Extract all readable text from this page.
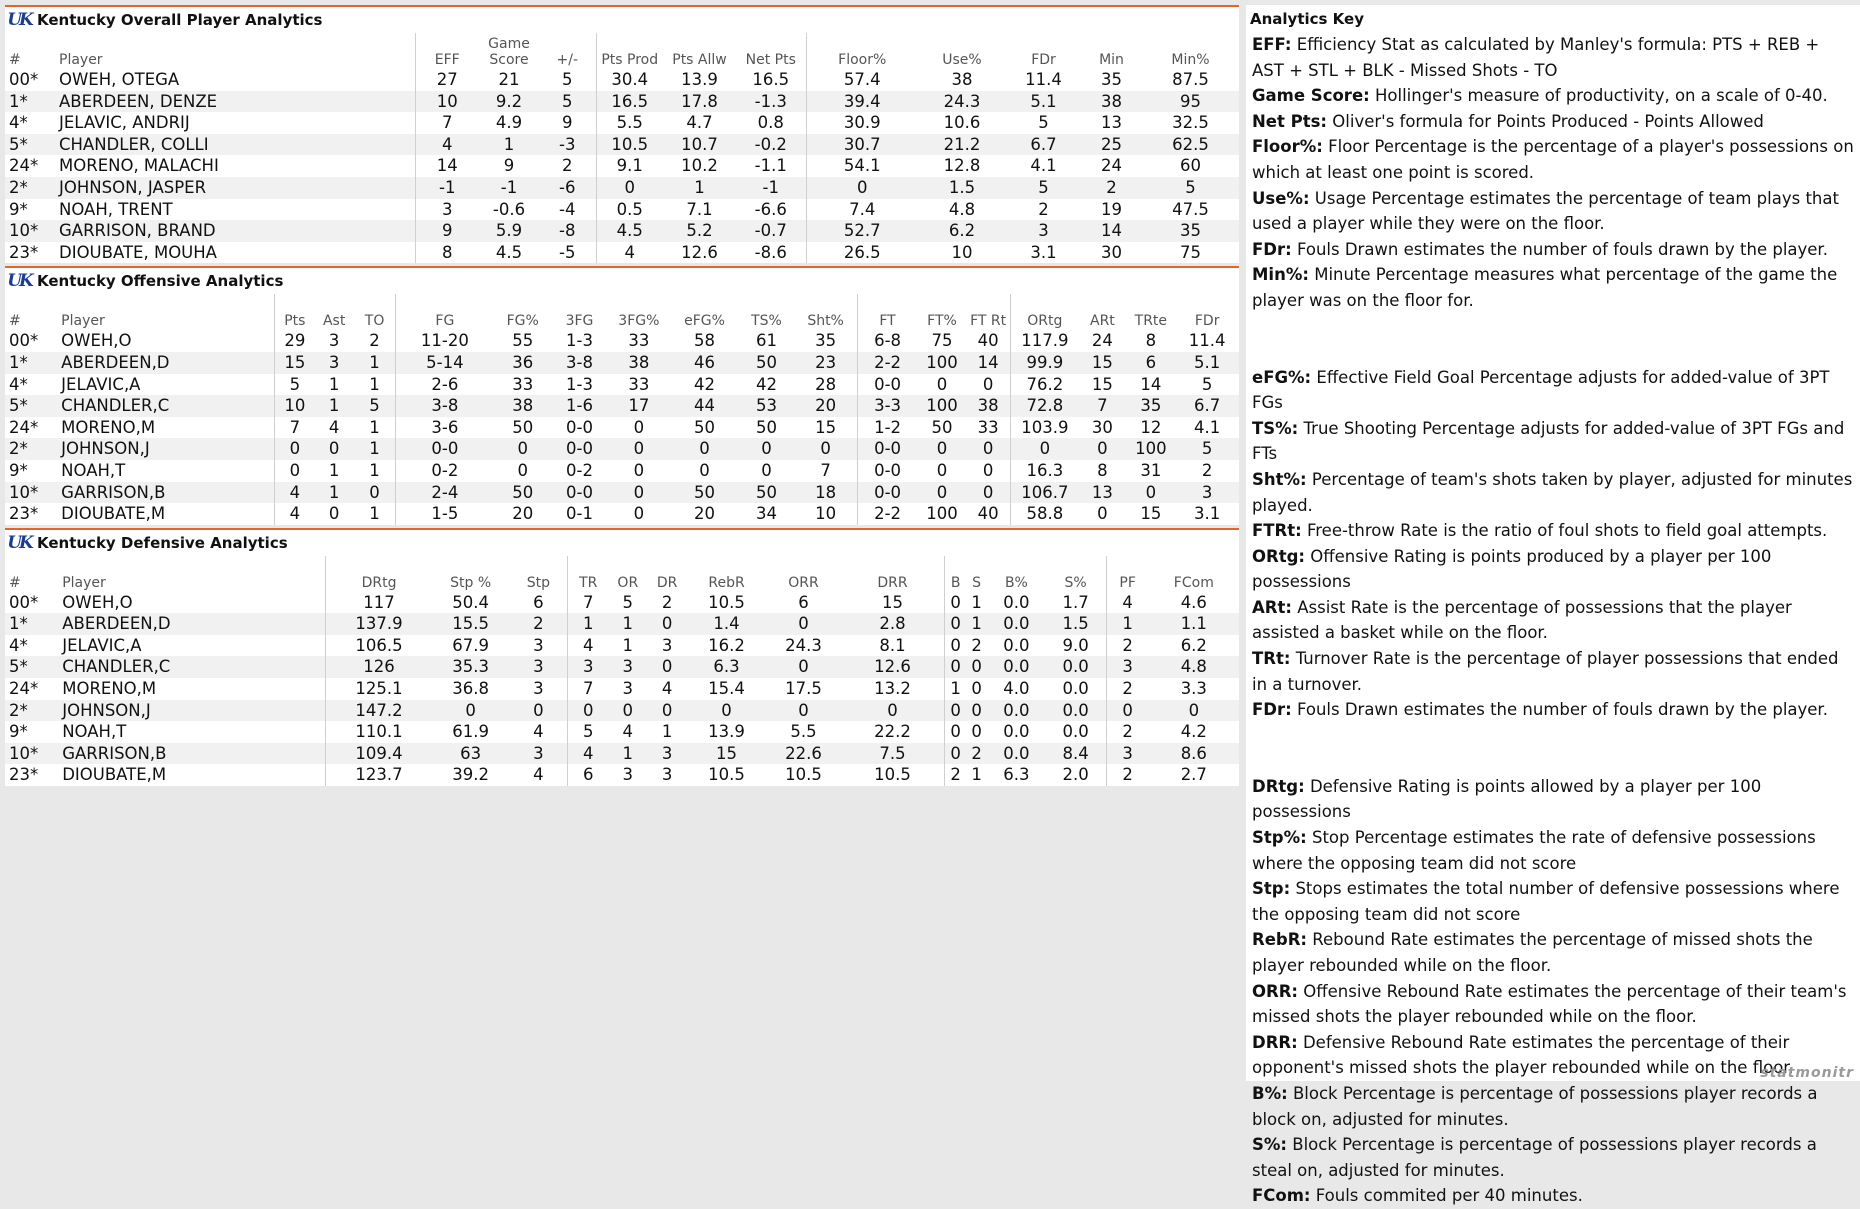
UK Kentucky Overall Player Analytics
#	Player	EFF	Game Score	+/-	Pts Prod	Pts Allw	Net Pts	Floor%	Use%	FDr	Min	Min%
00*	OWEH, OTEGA	27	21	5	30.4	13.9	16.5	57.4	38	11.4	35	87.5
1*	ABERDEEN, DENZE	10	9.2	5	16.5	17.8	-1.3	39.4	24.3	5.1	38	95
4*	JELAVIC, ANDRIJ	7	4.9	9	5.5	4.7	0.8	30.9	10.6	5	13	32.5
5*	CHANDLER, COLLI	4	1	-3	10.5	10.7	-0.2	30.7	21.2	6.7	25	62.5
24*	MORENO, MALACHI	14	9	2	9.1	10.2	-1.1	54.1	12.8	4.1	24	60
2*	JOHNSON, JASPER	-1	-1	-6	0	1	-1	0	1.5	5	2	5
9*	NOAH, TRENT	3	-0.6	-4	0.5	7.1	-6.6	7.4	4.8	2	19	47.5
10*	GARRISON, BRAND	9	5.9	-8	4.5	5.2	-0.7	52.7	6.2	3	14	35
23*	DIOUBATE, MOUHA	8	4.5	-5	4	12.6	-8.6	26.5	10	3.1	30	75
UK Kentucky Offensive Analytics
#	Player	Pts	Ast	TO	FG	FG%	3FG	3FG%	eFG%	TS%	Sht%	FT	FT%	FT Rt	ORtg	ARt	TRte	FDr
00*	OWEH,O	29	3	2	11-20	55	1-3	33	58	61	35	6-8	75	40	117.9	24	8	11.4
1*	ABERDEEN,D	15	3	1	5-14	36	3-8	38	46	50	23	2-2	100	14	99.9	15	6	5.1
4*	JELAVIC,A	5	1	1	2-6	33	1-3	33	42	42	28	0-0	0	0	76.2	15	14	5
5*	CHANDLER,C	10	1	5	3-8	38	1-6	17	44	53	20	3-3	100	38	72.8	7	35	6.7
24*	MORENO,M	7	4	1	3-6	50	0-0	0	50	50	15	1-2	50	33	103.9	30	12	4.1
2*	JOHNSON,J	0	0	1	0-0	0	0-0	0	0	0	0	0-0	0	0	0	0	100	5
9*	NOAH,T	0	1	1	0-2	0	0-2	0	0	0	7	0-0	0	0	16.3	8	31	2
10*	GARRISON,B	4	1	0	2-4	50	0-0	0	50	50	18	0-0	0	0	106.7	13	0	3
23*	DIOUBATE,M	4	0	1	1-5	20	0-1	0	20	34	10	2-2	100	40	58.8	0	15	3.1
UK Kentucky Defensive Analytics
#	Player	DRtg	Stp %	Stp	TR	OR	DR	RebR	ORR	DRR	B	S	B%	S%	PF	FCom
00*	OWEH,O	117	50.4	6	7	5	2	10.5	6	15	0	1	0.0	1.7	4	4.6
1*	ABERDEEN,D	137.9	15.5	2	1	1	0	1.4	0	2.8	0	1	0.0	1.5	1	1.1
4*	JELAVIC,A	106.5	67.9	3	4	1	3	16.2	24.3	8.1	0	2	0.0	9.0	2	6.2
5*	CHANDLER,C	126	35.3	3	3	3	0	6.3	0	12.6	0	0	0.0	0.0	3	4.8
24*	MORENO,M	125.1	36.8	3	7	3	4	15.4	17.5	13.2	1	0	4.0	0.0	2	3.3
2*	JOHNSON,J	147.2	0	0	0	0	0	0	0	0	0	0	0.0	0.0	0	0
9*	NOAH,T	110.1	61.9	4	5	4	1	13.9	5.5	22.2	0	0	0.0	0.0	2	4.2
10*	GARRISON,B	109.4	63	3	4	1	3	15	22.6	7.5	0	2	0.0	8.4	3	8.6
23*	DIOUBATE,M	123.7	39.2	4	6	3	3	10.5	10.5	10.5	2	1	6.3	2.0	2	2.7
Analytics Key

EFF: Efficiency Stat as calculated by Manley's formula: PTS + REB + AST + STL + BLK - Missed Shots - TO

Game Score: Hollinger's measure of productivity, on a scale of 0-40.

Net Pts: Oliver's formula for Points Produced - Points Allowed

Floor%: Floor Percentage is the percentage of a player's possessions on which at least one point is scored.

Use%: Usage Percentage estimates the percentage of team plays that used a player while they were on the floor.

FDr: Fouls Drawn estimates the number of fouls drawn by the player.

Min%: Minute Percentage measures what percentage of the game the player was on the floor for.

eFG%: Effective Field Goal Percentage adjusts for added-value of 3PT FGs

TS%: True Shooting Percentage adjusts for added-value of 3PT FGs and FTs

Sht%: Percentage of team's shots taken by player, adjusted for minutes played.

FTRt: Free-throw Rate is the ratio of foul shots to field goal attempts.

ORtg: Offensive Rating is points produced by a player per 100 possessions

ARt: Assist Rate is the percentage of possessions that the player assisted a basket while on the floor.

TRt: Turnover Rate is the percentage of player possessions that ended in a turnover.

FDr: Fouls Drawn estimates the number of fouls drawn by the player.

DRtg: Defensive Rating is points allowed by a player per 100 possessions

Stp%: Stop Percentage estimates the rate of defensive possessions where the opposing team did not score

Stp: Stops estimates the total number of defensive possessions where the opposing team did not score

RebR: Rebound Rate estimates the percentage of missed shots the player rebounded while on the floor.

ORR: Offensive Rebound Rate estimates the percentage of their team's missed shots the player rebounded while on the floor.

DRR: Defensive Rebound Rate estimates the percentage of their opponent's missed shots the player rebounded while on the floor.

B%: Block Percentage is percentage of possessions player records a block on, adjusted for minutes.

S%: Block Percentage is percentage of possessions player records a steal on, adjusted for minutes.

FCom: Fouls commited per 40 minutes.

statmonitr
